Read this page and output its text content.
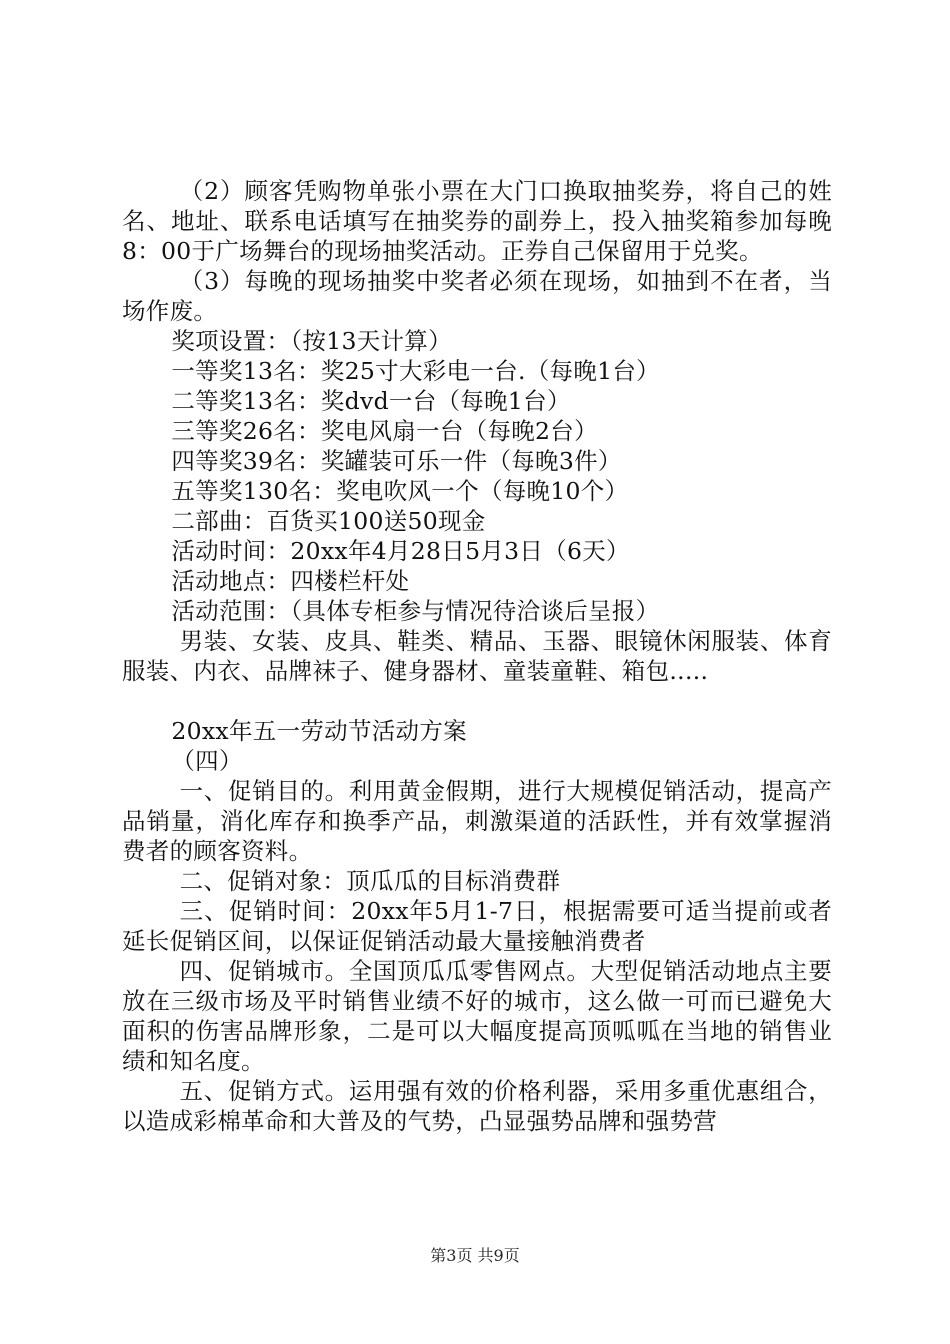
（2）顾客凭购物单张小票在大门口换取抽奖券，将自己的姓名、地址、联系电话填写在抽奖券的副券上，投入抽奖箱参加每晚8：00于广场舞台的现场抽奖活动。正券自己保留用于兑奖。

（3）每晚的现场抽奖中奖者必须在现场，如抽到不在者，当场作废。

奖项设置：（按13天计算）

一等奖13名：奖25寸大彩电一台.（每晚1台）

二等奖13名：奖dvd一台（每晚1台）

三等奖26名：奖电风扇一台（每晚2台）

四等奖39名：奖罐装可乐一件（每晚3件）

五等奖130名：奖电吹风一个（每晚10个）

二部曲：百货买100送50现金

活动时间：20xx年4月28日5月3日（6天）

活动地点：四楼栏杆处

活动范围：（具体专柜参与情况待洽谈后呈报）

男装、女装、皮具、鞋类、精品、玉器、眼镜休闲服装、体育服装、内衣、品牌袜子、健身器材、童装童鞋、箱包.....

20xx年五一劳动节活动方案

（四）

一、促销目的。利用黄金假期，进行大规模促销活动，提高产品销量，消化库存和换季产品，刺激渠道的活跃性，并有效掌握消费者的顾客资料。

二、促销对象：顶瓜瓜的目标消费群

三、促销时间：20xx年5月1-7日，根据需要可适当提前或者延长促销区间，以保证促销活动最大量接触消费者

四、促销城市。全国顶瓜瓜零售网点。大型促销活动地点主要放在三级市场及平时销售业绩不好的城市，这么做一可而已避免大面积的伤害品牌形象，二是可以大幅度提高顶呱呱在当地的销售业绩和知名度。

五、促销方式。运用强有效的价格利器，采用多重优惠组合，以造成彩棉革命和大普及的气势，凸显强势品牌和强势营

第3页 共9页
